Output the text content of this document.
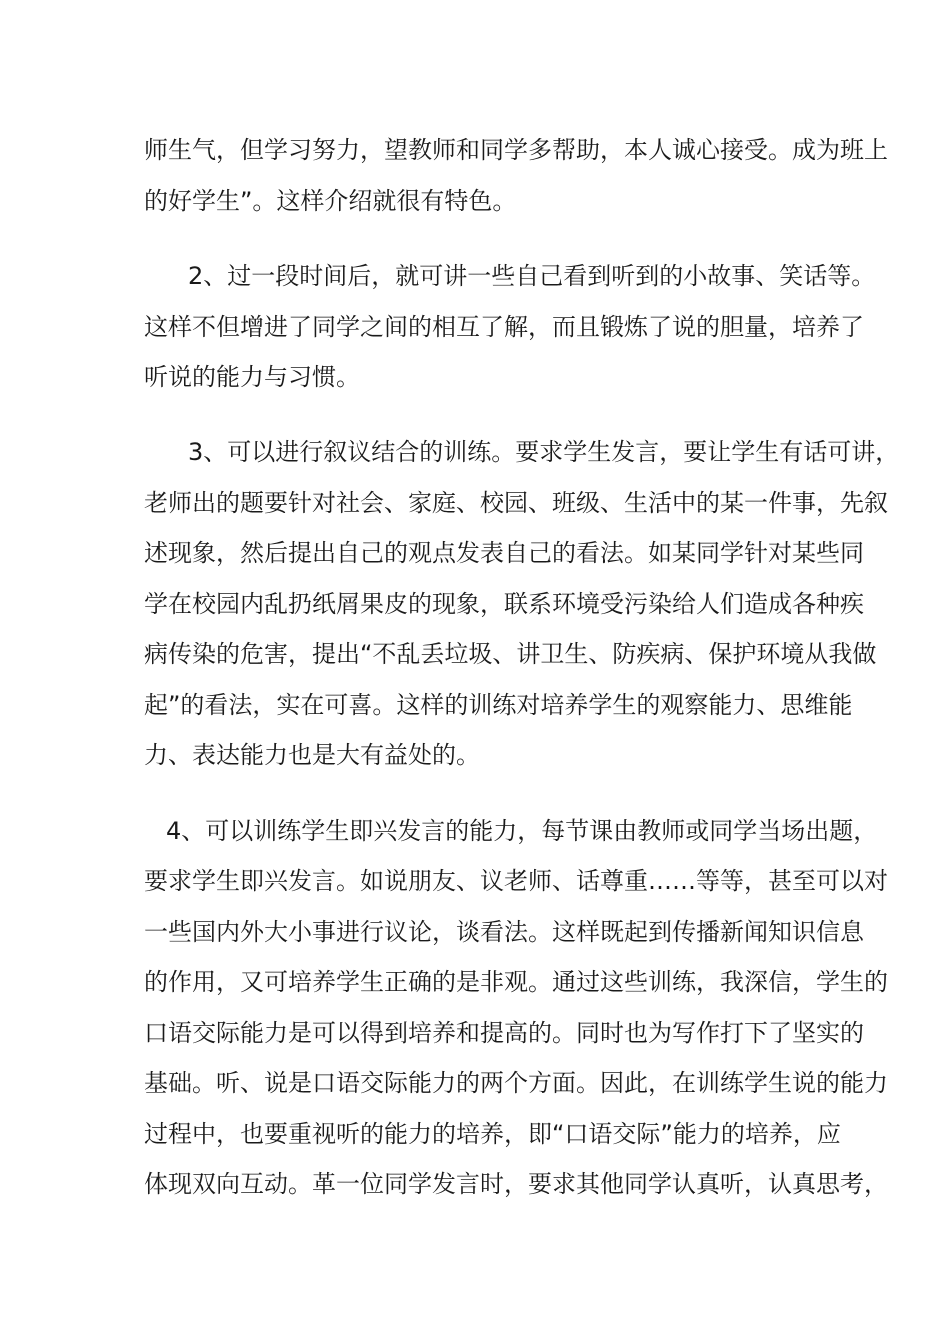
师生气，但学习努力，望教师和同学多帮助，本人诚心接受。成为班上
的好学生”。这样介绍就很有特色。
2、过一段时间后，就可讲一些自己看到听到的小故事、笑话等。
这样不但增进了同学之间的相互了解，而且锻炼了说的胆量，培养了
听说的能力与习惯。
3、可以进行叙议结合的训练。要求学生发言，要让学生有话可讲，
老师出的题要针对社会、家庭、校园、班级、生活中的某一件事，先叙
述现象，然后提出自己的观点发表自己的看法。如某同学针对某些同
学在校园内乱扔纸屑果皮的现象，联系环境受污染给人们造成各种疾
病传染的危害，提出“不乱丢垃圾、讲卫生、防疾病、保护环境从我做
起”的看法，实在可喜。这样的训练对培养学生的观察能力、思维能
力、表达能力也是大有益处的。
4、可以训练学生即兴发言的能力，每节课由教师或同学当场出题，
要求学生即兴发言。如说朋友、议老师、话尊重……等等，甚至可以对
一些国内外大小事进行议论，谈看法。这样既起到传播新闻知识信息
的作用，又可培养学生正确的是非观。通过这些训练，我深信，学生的
口语交际能力是可以得到培养和提高的。同时也为写作打下了坚实的
基础。听、说是口语交际能力的两个方面。因此，在训练学生说的能力
过程中，也要重视听的能力的培养，即“口语交际”能力的培养，应
体现双向互动。革一位同学发言时，要求其他同学认真听，认真思考，
